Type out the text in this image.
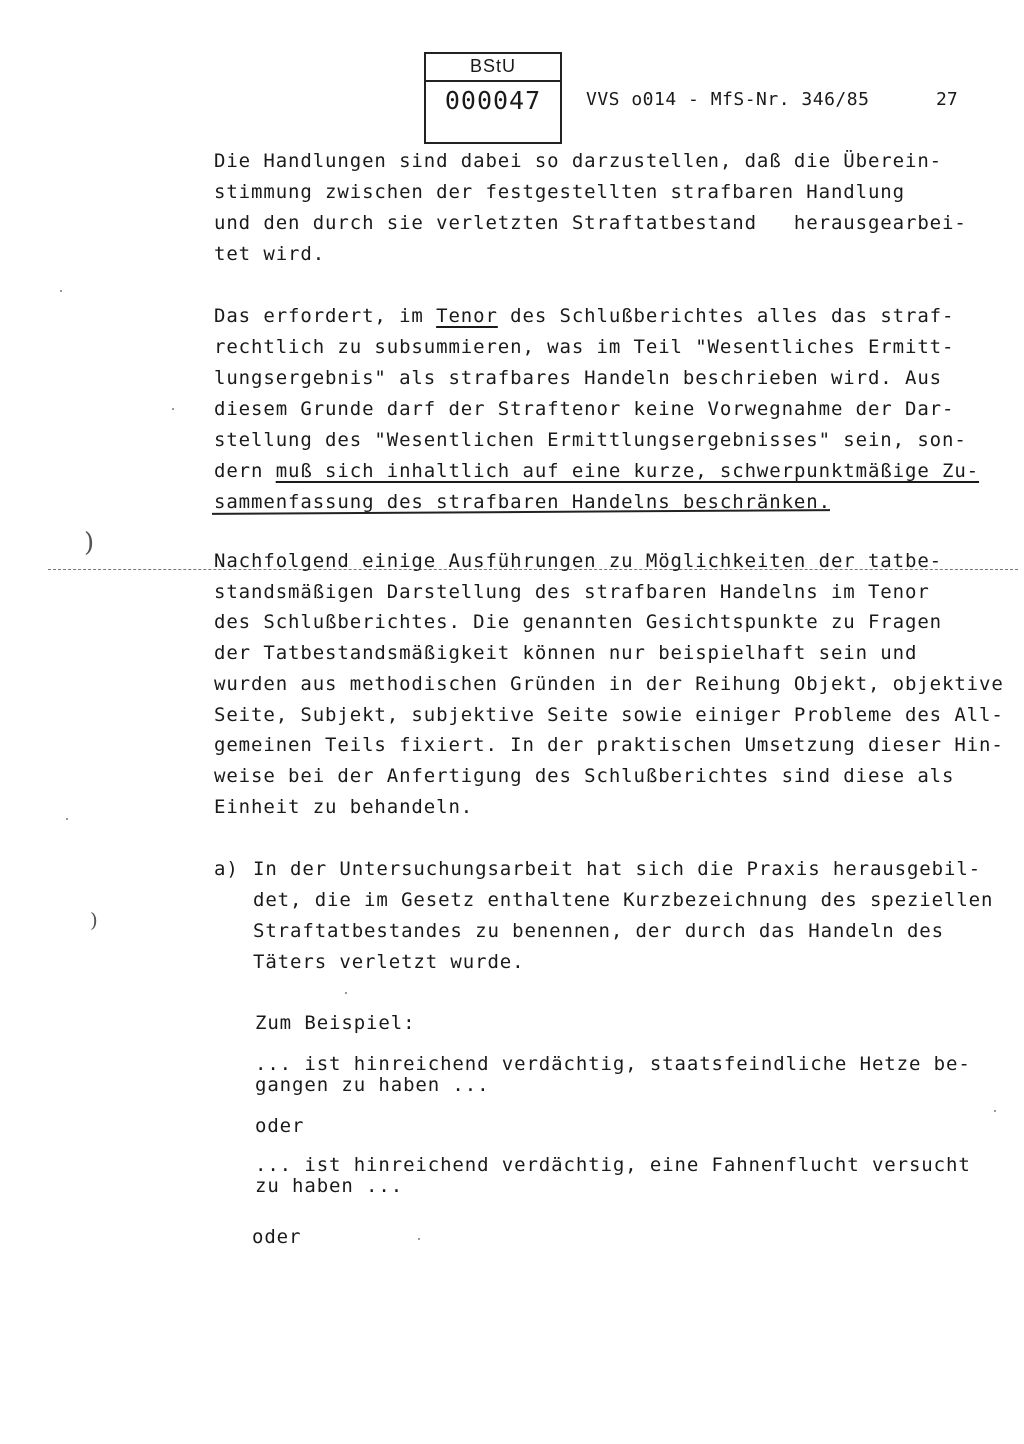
BStU
000047	VVS o014 - MfS-Nr. 346/85	27
Die Handlungen sind dabei so darzustellen, daß die Überein-
stimmung zwischen der festgestellten strafbaren Handlung
und den durch sie verletzten Straftatbestand   herausgearbei-
tet wird.
Das erfordert, im Tenor des Schlußberichtes alles das straf-
rechtlich zu subsummieren, was im Teil "Wesentliches Ermitt-
lungsergebnis" als strafbares Handeln beschrieben wird. Aus
diesem Grunde darf der Straftenor keine Vorwegnahme der Dar-
stellung des "Wesentlichen Ermittlungsergebnisses" sein, son-
dern muß sich inhaltlich auf eine kurze, schwerpunktmäßige Zu-
sammenfassung des strafbaren Handelns beschränken.
Nachfolgend einige Ausführungen zu Möglichkeiten der tatbe-
standsmäßigen Darstellung des strafbaren Handelns im Tenor
des Schlußberichtes. Die genannten Gesichtspunkte zu Fragen
der Tatbestandsmäßigkeit können nur beispielhaft sein und
wurden aus methodischen Gründen in der Reihung Objekt, objektive
Seite, Subjekt, subjektive Seite sowie einiger Probleme des All-
gemeinen Teils fixiert. In der praktischen Umsetzung dieser Hin-
weise bei der Anfertigung des Schlußberichtes sind diese als
Einheit zu behandeln.
a) In der Untersuchungsarbeit hat sich die Praxis herausgebil-
det, die im Gesetz enthaltene Kurzbezeichnung des speziellen
Straftatbestandes zu benennen, der durch das Handeln des
Täters verletzt wurde.
Zum Beispiel:
... ist hinreichend verdächtig, staatsfeindliche Hetze be-
gangen zu haben ...
oder
... ist hinreichend verdächtig, eine Fahnenflucht versucht
zu haben ...
oder
)
)
